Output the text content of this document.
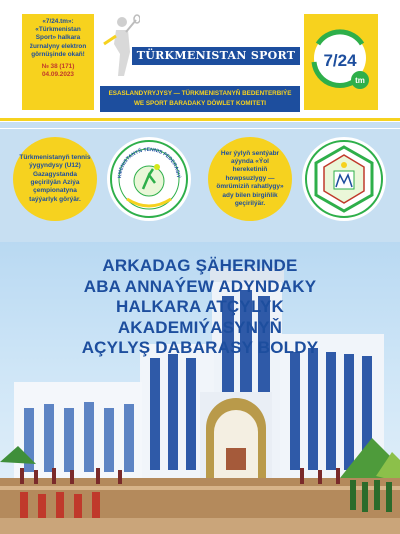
«7/24.tm»: «Türkmenistan Sport» halkara žurnalyny elektron görnüşinde okaň!
№ 38 (171)
04.09.2023
TÜRKMENISTAN SPORT
ESASLANDYRYJYSY — TÜRKMENISTANYŇ BEDENTERBIÝE
WE SPORT BARADAKY DÖWLET KOMITETI
7/24
tm
Türkmenistanyň tennis ýygyndysy (U12) Gazagystanda geçirilýän Aziýa çempionatyna taýýarlyk görýär.
KMENISTANYŇ TENNIS FEDERASIÝ
Her ýylyň sentýabr aýynda «Ýol hereketiniň howpsuzlygy — ömrümiziň rahatlygy» ady bilen birgiňlik geçirilýär.
ARKADAG ŞÄHERINDE
ABA ANNAÝEW ADYNDAKY
HALKARA ATÇYLYK
AKADEMIÝASYNYŇ
AÇYLYŞ DABARASY BOLDY
